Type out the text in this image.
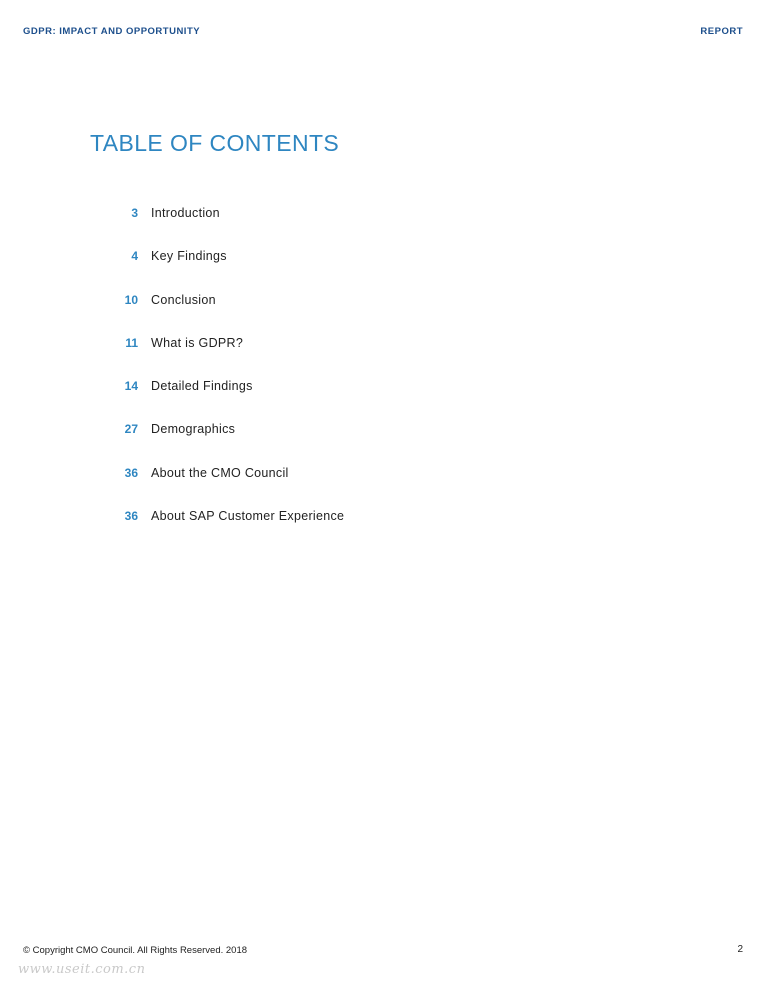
GDPR: IMPACT AND OPPORTUNITY	REPORT
TABLE OF CONTENTS
3 Introduction
4 Key Findings
10 Conclusion
11 What is GDPR?
14 Detailed Findings
27 Demographics
36 About the CMO Council
36 About SAP Customer Experience
© Copyright CMO Council. All Rights Reserved. 2018	2
www.useit.com.cn
